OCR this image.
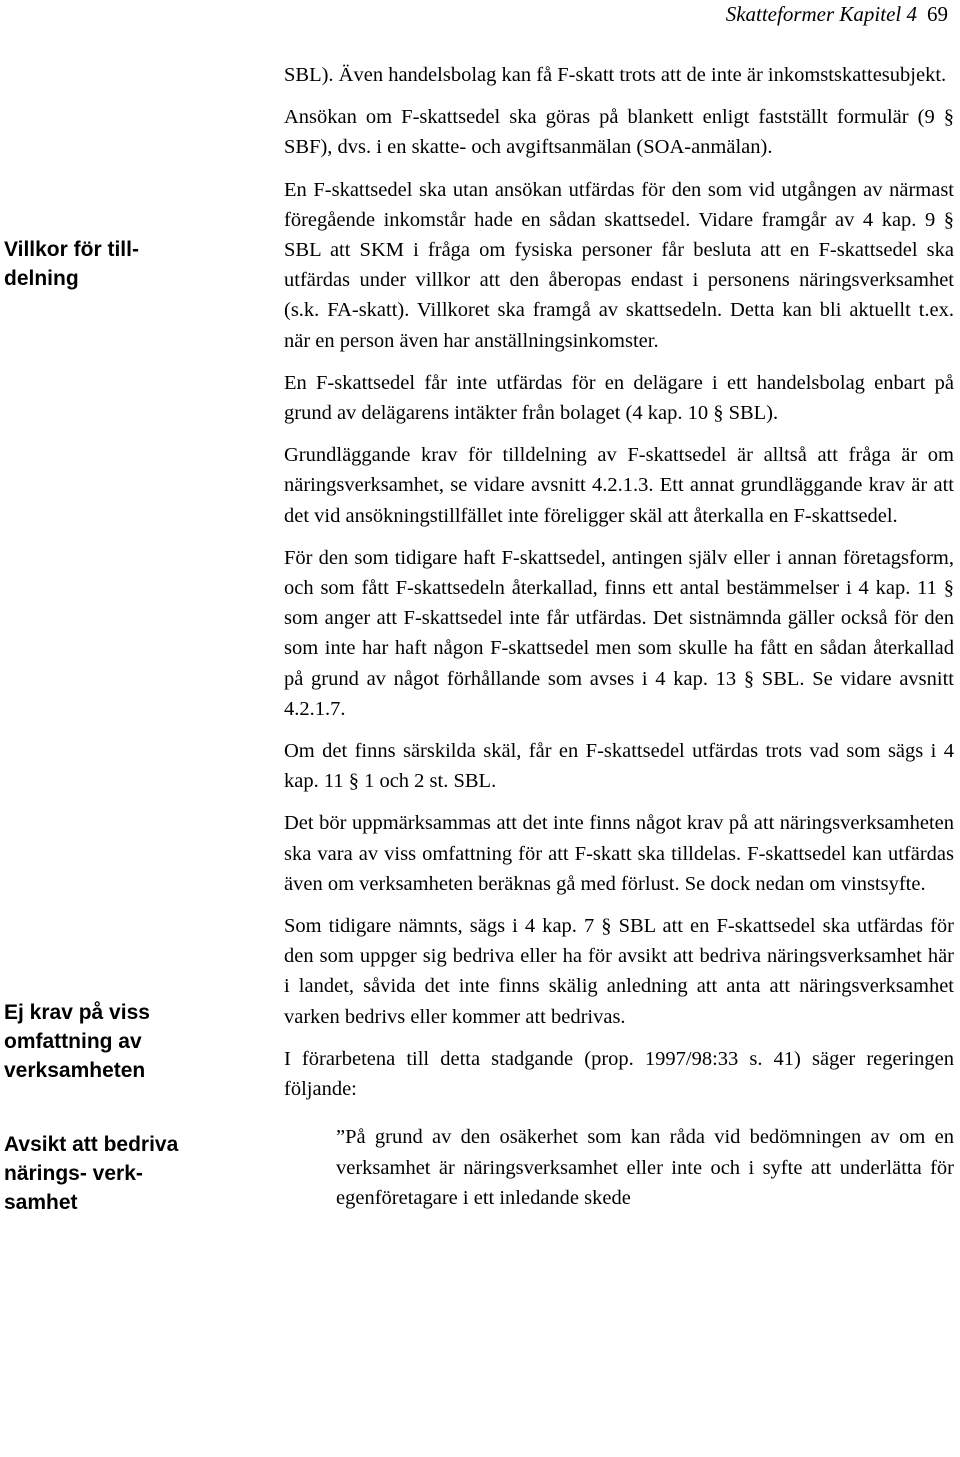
Skatteformer Kapitel 4 69
Villkor för tilldelning
Ej krav på viss omfattning av verksamheten
Avsikt att bedriva närings- verksamhet

SBL). Även handelsbolag kan få F-skatt trots att de inte är inkomstskattesubjekt.

Ansökan om F-skattsedel ska göras på blankett enligt fastställt formulär (9 § SBF), dvs. i en skatte- och avgiftsanmälan (SOA-anmälan).

En F-skattsedel ska utan ansökan utfärdas för den som vid utgången av närmast föregående inkomstår hade en sådan skattsedel. Vidare framgår av 4 kap. 9 § SBL att SKM i fråga om fysiska personer får besluta att en F-skattsedel ska utfärdas under villkor att den åberopas endast i personens näringsverksamhet (s.k. FA-skatt). Villkoret ska framgå av skattsedeln. Detta kan bli aktuellt t.ex. när en person även har anställningsinkomster.

En F-skattsedel får inte utfärdas för en delägare i ett handelsbolag enbart på grund av delägarens intäkter från bolaget (4 kap. 10 § SBL).

Grundläggande krav för tilldelning av F-skattsedel är alltså att fråga är om näringsverksamhet, se vidare avsnitt 4.2.1.3. Ett annat grundläggande krav är att det vid ansökningstillfället inte föreligger skäl att återkalla en F-skattsedel.

För den som tidigare haft F-skattsedel, antingen själv eller i annan företagsform, och som fått F-skattsedeln återkallad, finns ett antal bestämmelser i 4 kap. 11 § som anger att F-skattsedel inte får utfärdas. Det sistnämnda gäller också för den som inte har haft någon F-skattsedel men som skulle ha fått en sådan återkallad på grund av något förhållande som avses i 4 kap. 13 § SBL. Se vidare avsnitt 4.2.1.7.

Om det finns särskilda skäl, får en F-skattsedel utfärdas trots vad som sägs i 4 kap. 11 § 1 och 2 st. SBL.

Det bör uppmärksammas att det inte finns något krav på att näringsverksamheten ska vara av viss omfattning för att F-skatt ska tilldelas. F-skattsedel kan utfärdas även om verksamheten beräknas gå med förlust. Se dock nedan om vinstsyfte.

Som tidigare nämnts, sägs i 4 kap. 7 § SBL att en F-skattsedel ska utfärdas för den som uppger sig bedriva eller ha för avsikt att bedriva näringsverksamhet här i landet, såvida det inte finns skälig anledning att anta att näringsverksamhet varken bedrivs eller kommer att bedrivas.

I förarbetena till detta stadgande (prop. 1997/98:33 s. 41) säger regeringen följande:

”På grund av den osäkerhet som kan råda vid bedömningen av om en verksamhet är näringsverksamhet eller inte och i syfte att underlätta för egenföretagare i ett inledande skede
